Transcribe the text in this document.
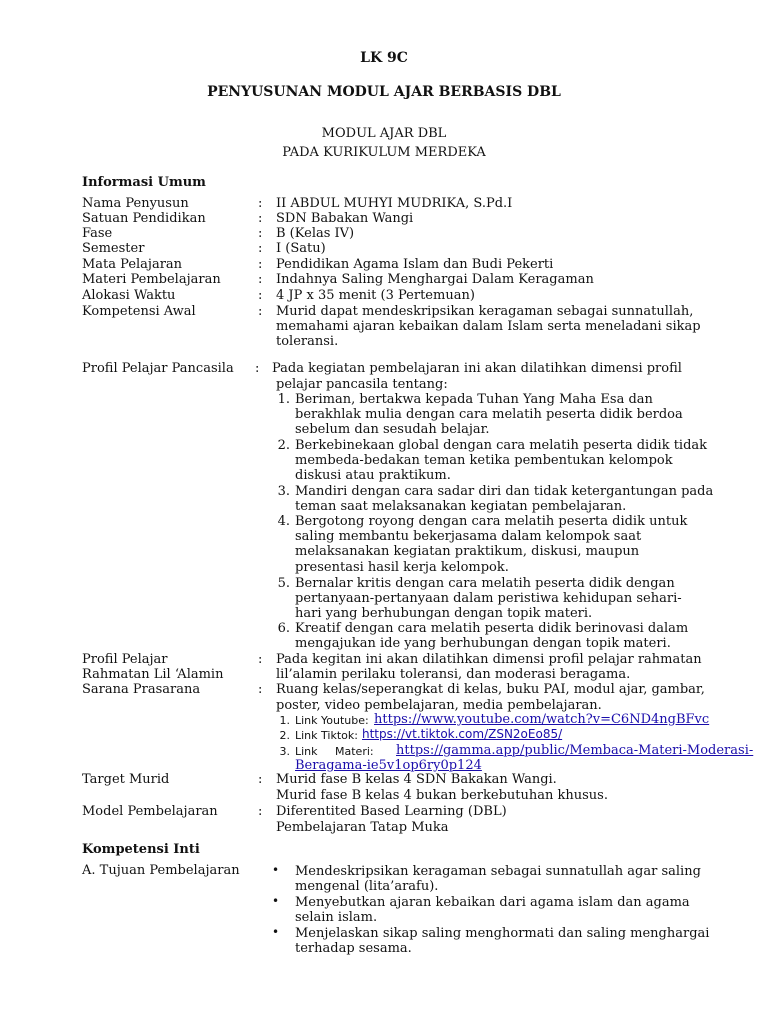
LK 9C
PENYUSUNAN MODUL AJAR BERBASIS DBL
MODUL AJAR DBL
PADA KURIKULUM MERDEKA
Informasi Umum
Nama Penyusun	: II ABDUL MUHYI MUDRIKA, S.Pd.I
Satuan Pendidikan	: SDN Babakan Wangi
Fase	: B (Kelas IV)
Semester	: I (Satu)
Mata Pelajaran	: Pendidikan Agama Islam dan Budi Pekerti
Materi Pembelajaran	: Indahnya Saling Menghargai Dalam Keragaman
Alokasi Waktu	: 4 JP x 35 menit (3 Pertemuan)
Kompetensi Awal	: Murid dapat mendeskripsikan keragaman sebagai sunnatullah,
memahami ajaran kebaikan dalam Islam serta meneladani sikap
toleransi.
Profil Pelajar Pancasila : Pada kegiatan pembelajaran ini akan dilatihkan dimensi profil
pelajar pancasila tentang:
1. Beriman, bertakwa kepada Tuhan Yang Maha Esa dan
berakhlak mulia dengan cara melatih peserta didik berdoa
sebelum dan sesudah belajar.
2. Berkebinekaan global dengan cara melatih peserta didik tidak
membeda-bedakan teman ketika pembentukan kelompok
diskusi atau praktikum.
3. Mandiri dengan cara sadar diri dan tidak ketergantungan pada
teman saat melaksanakan kegiatan pembelajaran.
4. Bergotong royong dengan cara melatih peserta didik untuk
saling membantu bekerjasama dalam kelompok saat
melaksanakan kegiatan praktikum, diskusi, maupun
presentasi hasil kerja kelompok.
5. Bernalar kritis dengan cara melatih peserta didik dengan
pertanyaan-pertanyaan dalam peristiwa kehidupan sehari-
hari yang berhubungan dengan topik materi.
6. Kreatif dengan cara melatih peserta didik berinovasi dalam
mengajukan ide yang berhubungan dengan topik materi.
Profil Pelajar
Rahmatan Lil ‘Alamin
: Pada kegitan ini akan dilatihkan dimensi profil pelajar rahmatan
lil’alamin perilaku toleransi, dan moderasi beragama.
Sarana Prasarana	: Ruang kelas/seperangkat di kelas, buku PAI, modul ajar, gambar,
poster, video pembelajaran, media pembelajaran.
1. Link Youtube: https://www.youtube.com/watch?v=C6ND4ngBFvc
2. Link Tiktok: https://vt.tiktok.com/ZSN2oEo85/
3. Link     Materi: https://gamma.app/public/Membaca-Materi-Moderasi-
Beragama-ie5v1op6ry0p124
Target Murid	: Murid fase B kelas 4 SDN Bakakan Wangi.
Murid fase B kelas 4 bukan berkebutuhan khusus.
Model Pembelajaran	: Diferentited Based Learning (DBL)
Pembelajaran Tatap Muka
Kompetensi Inti
A. Tujuan Pembelajaran	• Mendeskripsikan keragaman sebagai sunnatullah agar saling
mengenal (lita’arafu).
• Menyebutkan ajaran kebaikan dari agama islam dan agama
selain islam.
• Menjelaskan sikap saling menghormati dan saling menghargai
terhadap sesama.
